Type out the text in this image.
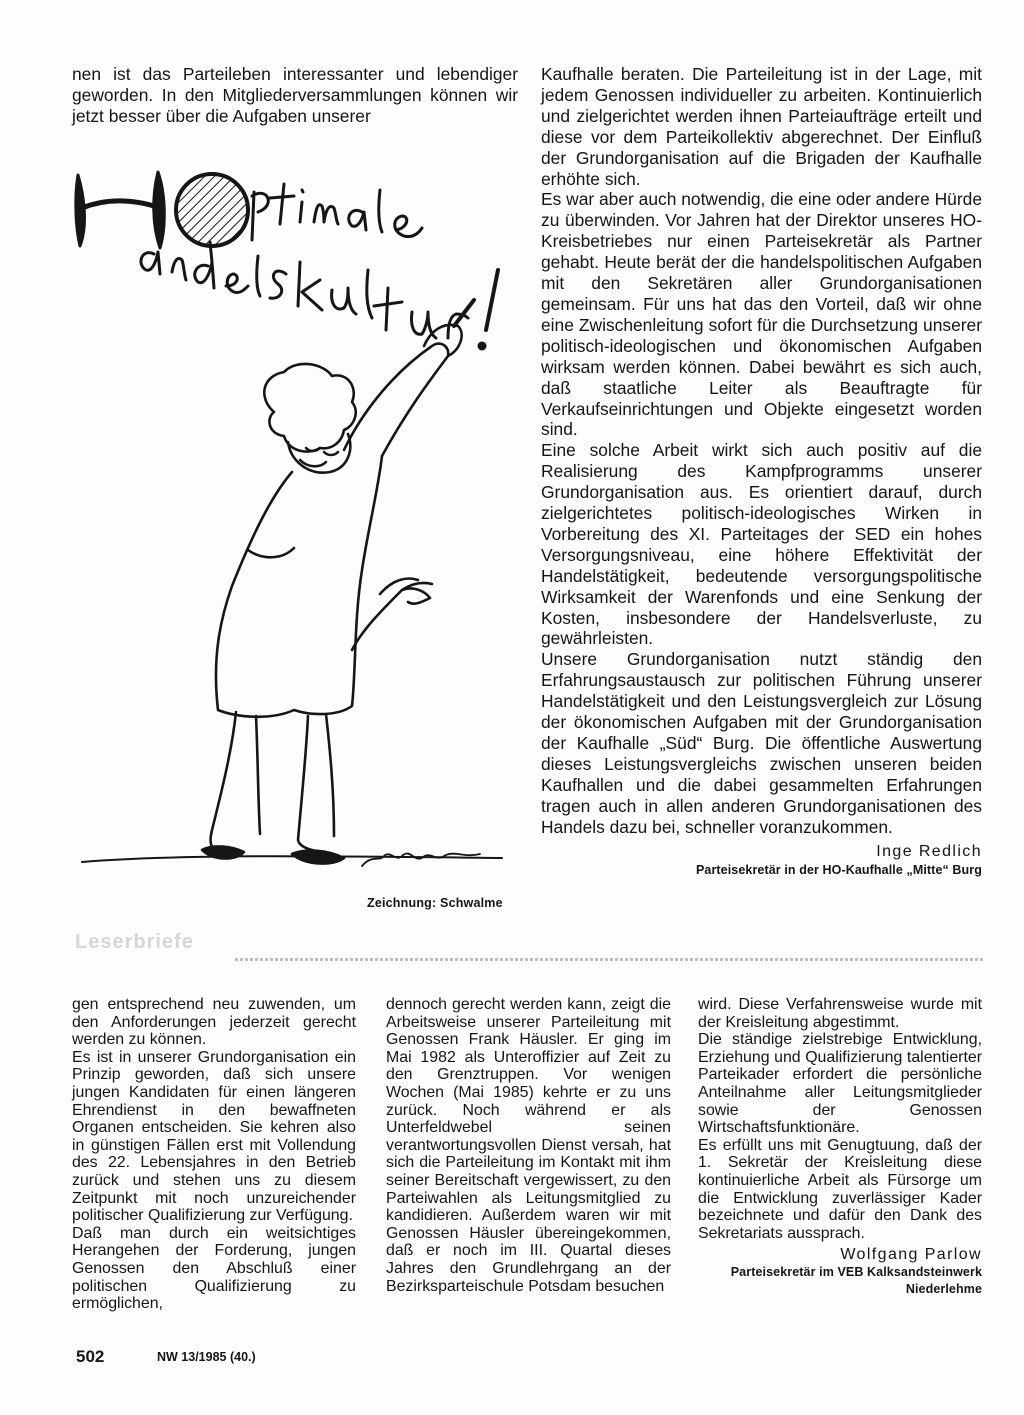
nen ist das Parteileben interessanter und lebendiger geworden. In den Mitgliederversammlungen können wir jetzt besser über die Aufgaben unserer

Kaufhalle beraten. Die Parteileitung ist in der Lage, mit jedem Genossen individueller zu arbeiten. Kontinuierlich und zielgerichtet werden ihnen Parteiaufträge erteilt und diese vor dem Parteikollektiv abgerechnet. Der Einfluß der Grundorganisation auf die Brigaden der Kaufhalle erhöhte sich.

Es war aber auch notwendig, die eine oder andere Hürde zu überwinden. Vor Jahren hat der Direktor unseres HO-Kreisbetriebes nur einen Parteisekretär als Partner gehabt. Heute berät der die handelspolitischen Aufgaben mit den Sekretären aller Grundorganisationen gemeinsam. Für uns hat das den Vorteil, daß wir ohne eine Zwischenleitung sofort für die Durchsetzung unserer politisch-ideologischen und ökonomischen Aufgaben wirksam werden können. Dabei bewährt es sich auch, daß staatliche Leiter als Beauftragte für Verkaufseinrichtungen und Objekte eingesetzt worden sind.

Eine solche Arbeit wirkt sich auch positiv auf die Realisierung des Kampfprogramms unserer Grundorganisation aus. Es orientiert darauf, durch zielgerichtetes politisch-ideologisches Wirken in Vorbereitung des XI. Parteitages der SED ein hohes Versorgungsniveau, eine höhere Effektivität der Handelstätigkeit, bedeutende versorgungspolitische Wirksamkeit der Warenfonds und eine Senkung der Kosten, insbesondere der Handelsverluste, zu gewährleisten.

Unsere Grundorganisation nutzt ständig den Erfahrungsaustausch zur politischen Führung unserer Handelstätigkeit und den Leistungsvergleich zur Lösung der ökonomischen Aufgaben mit der Grundorganisation der Kaufhalle „Süd“ Burg. Die öffentliche Auswertung dieses Leistungsvergleichs zwischen unseren beiden Kaufhallen und die dabei gesammelten Erfahrungen tragen auch in allen anderen Grundorganisationen des Handels dazu bei, schneller voranzukommen.

Inge Redlich

Parteisekretär in der HO-Kaufhalle „Mitte“ Burg

Zeichnung: Schwalme
Leserbriefe

gen entsprechend neu zuwenden, um den Anforderungen jederzeit gerecht werden zu können.

Es ist in unserer Grundorganisation ein Prinzip geworden, daß sich unsere jungen Kandidaten für einen längeren Ehrendienst in den bewaffneten Organen entscheiden. Sie kehren also in günstigen Fällen erst mit Vollendung des 22. Lebensjahres in den Betrieb zurück und stehen uns zu diesem Zeitpunkt mit noch unzureichender politischer Qualifizierung zur Verfügung.

Daß man durch ein weitsichtiges Herangehen der Forderung, jungen Genossen den Abschluß einer politischen Qualifizierung zu ermöglichen,

dennoch gerecht werden kann, zeigt die Arbeitsweise unserer Parteileitung mit Genossen Frank Häusler. Er ging im Mai 1982 als Unteroffizier auf Zeit zu den Grenztruppen. Vor wenigen Wochen (Mai 1985) kehrte er zu uns zurück. Noch während er als Unterfeldwebel seinen verantwortungsvollen Dienst versah, hat sich die Parteileitung im Kontakt mit ihm seiner Bereitschaft vergewissert, zu den Parteiwahlen als Leitungsmitglied zu kandidieren. Außerdem waren wir mit Genossen Häusler übereingekommen, daß er noch im III. Quartal dieses Jahres den Grundlehrgang an der Bezirksparteischule Potsdam besuchen

wird. Diese Verfahrensweise wurde mit der Kreisleitung abgestimmt.

Die ständige zielstrebige Entwicklung, Erziehung und Qualifizierung talentierter Parteikader erfordert die persönliche Anteilnahme aller Leitungsmitglieder sowie der Genossen Wirtschaftsfunktionäre.

Es erfüllt uns mit Genugtuung, daß der 1. Sekretär der Kreisleitung diese kontinuierliche Arbeit als Fürsorge um die Entwicklung zuverlässiger Kader bezeichnete und dafür den Dank des Sekretariats aussprach.

Wolfgang Parlow

Parteisekretär im VEB Kalksandsteinwerk
Niederlehme

502	NW 13/1985 (40.)
